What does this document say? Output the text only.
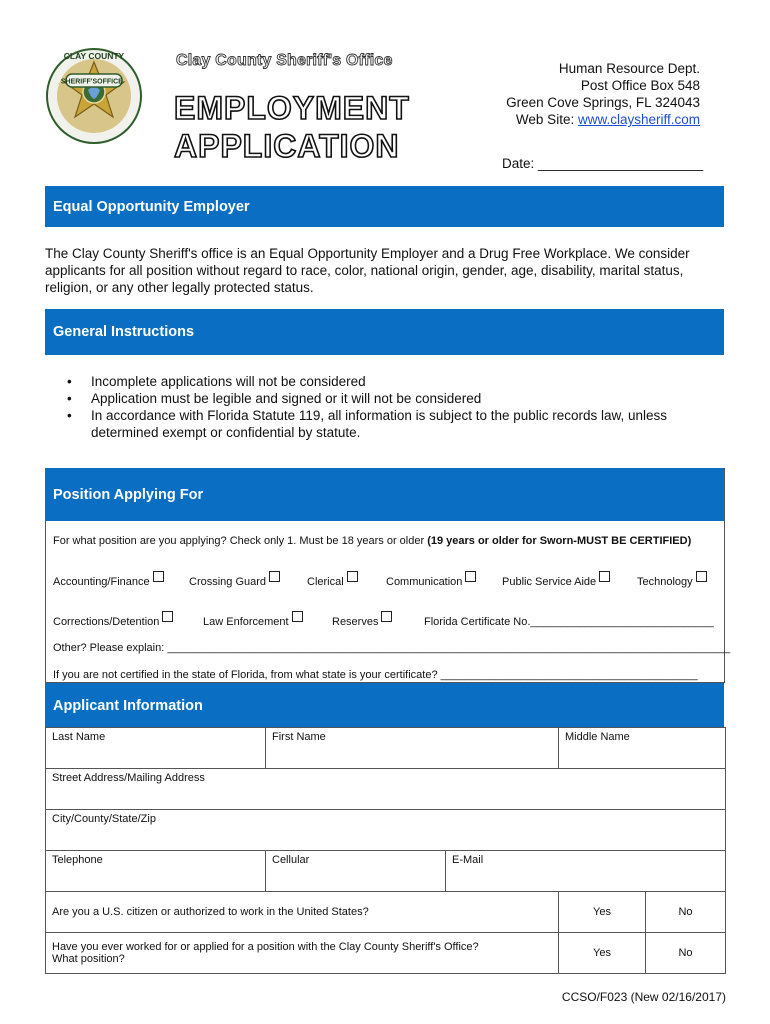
CLAY COUNTY
SHERIFF'S OFFICE
Clay County Sheriff's Office
EMPLOYMENT
APPLICATION
Human Resource Dept.
Post Office Box 548
Green Cove Springs, FL 324043
Web Site: www.claysheriff.com
Date: ______________________
Equal Opportunity Employer
The Clay County Sheriff's office is an Equal Opportunity Employer and a Drug Free Workplace. We consider applicants for all position without regard to race, color, national origin, gender, age, disability, marital status, religion, or any other legally protected status.
General Instructions
• Incomplete applications will not be considered
• Application must be legible and signed or it will not be considered
• In accordance with Florida Statute 119, all information is subject to the public records law, unless determined exempt or confidential by statute.
Position Applying For
For what position are you applying? Check only 1. Must be 18 years or older (19 years or older for Sworn-MUST BE CERTIFIED)
Accounting/Finance	Crossing Guard	Clerical	Communication	Public Service Aide	Technology
Corrections/Detention	Law Enforcement	Reserves	Florida Certificate No.______________________________
Other? Please explain: ____________________________________________________________________________________________
If you are not certified in the state of Florida, from what state is your certificate? __________________________________________
Applicant Information
Last Name	First Name		Middle Name	
Street Address/Mailing Address				
City/County/State/Zip				
Telephone	Cellular	E-Mail		
Are you a U.S. citizen or authorized to work in the United States?			Yes	No

Have you ever worked for or applied for a position with the Clay County Sheriff's Office?
What position?			Yes	No
CCSO/F023 (New 02/16/2017)
